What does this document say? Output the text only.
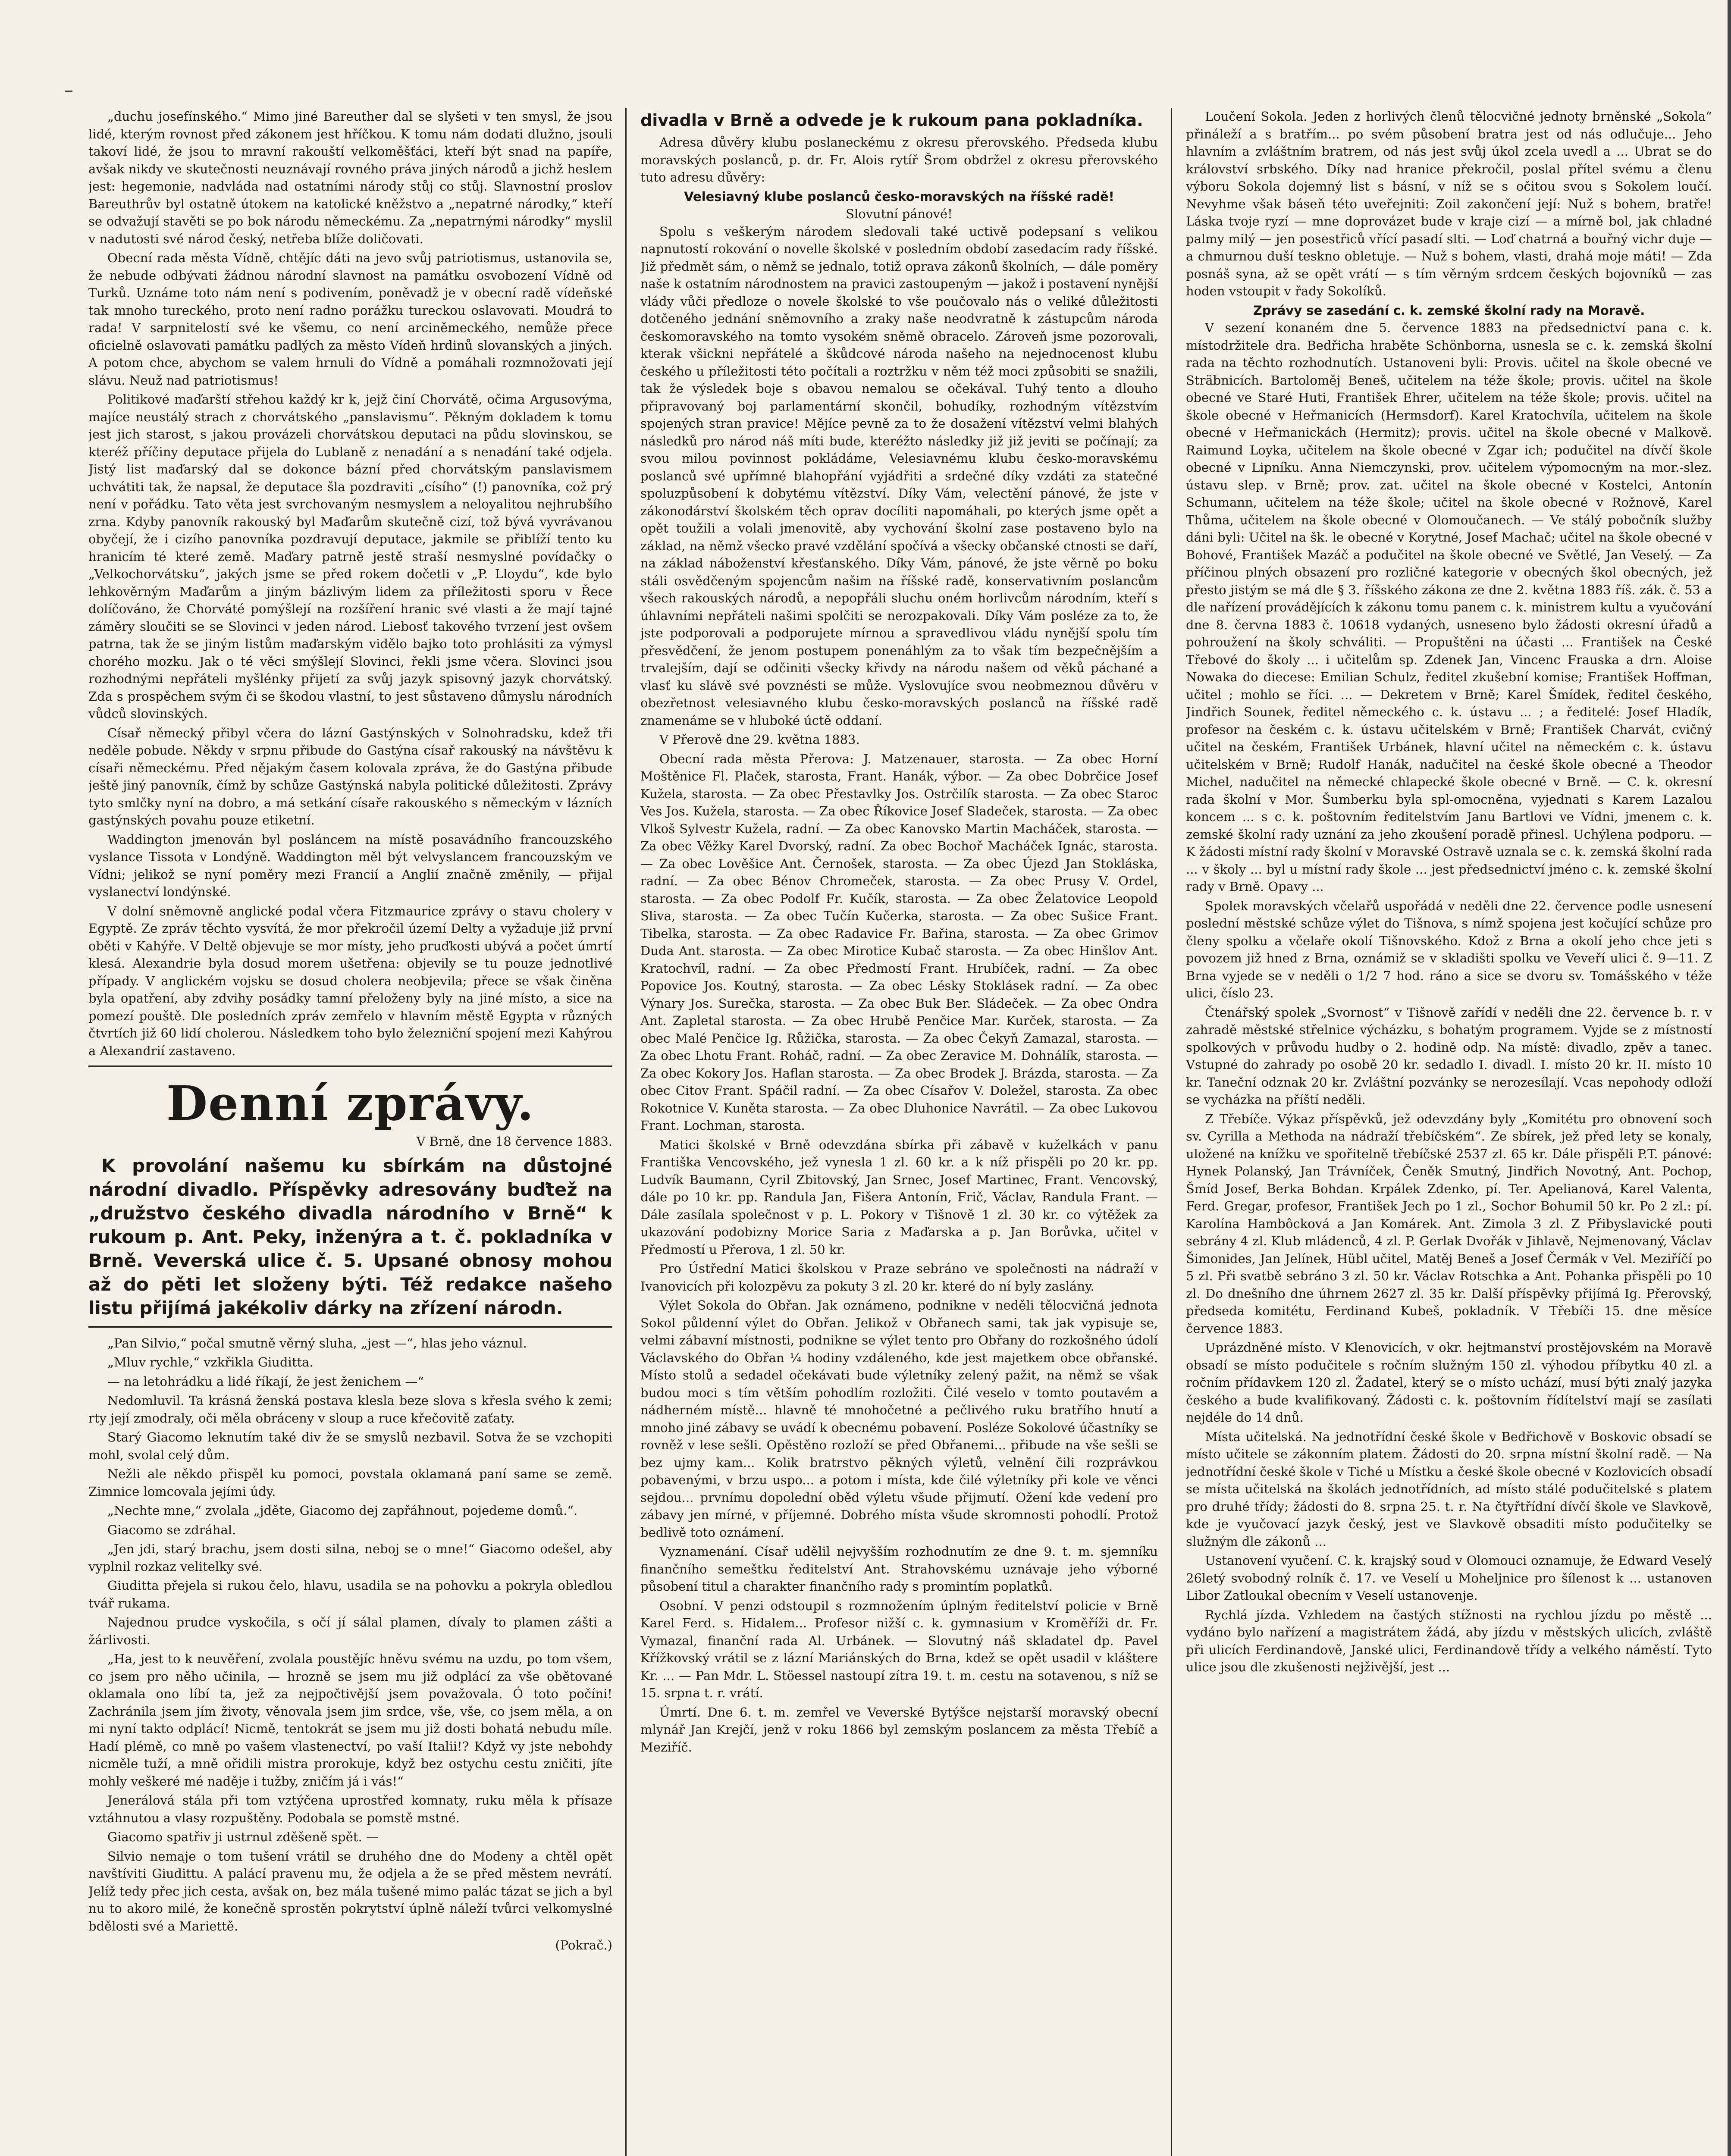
„duchu josefínského.“ Mimo jiné Bareuther dal se slyšeti v ten smysl, že jsou lidé, kterým rovnost před zákonem jest hříčkou. K tomu nám dodati dlužno, jsouli takoví lidé, že jsou to mravní rakouští velkoměšťáci, kteří být snad na papíře, avšak nikdy ve skutečnosti neuznávají rovného práva jiných národů a jichž heslem jest: hegemonie, nadvláda nad ostatními národy stůj co stůj. Slavnostní proslov Bareuthrův byl ostatně útokem na katolické kněžstvo a „nepatrné národky,“ kteří se odvažují stavěti se po bok národu německému. Za „nepatrnými národky“ myslil v nadutosti své národ český, netřeba blíže doličovati.

Obecní rada města Vídně, chtějíc dáti na jevo svůj patriotismus, ustanovila se, že nebude odbývati žádnou národní slavnost na památku osvobození Vídně od Turků. Uznáme toto nám není s podivením, poněvadž je v obecní radě vídeňské tak mnoho tureckého, proto není radno porážku tureckou oslavovati. Moudrá to rada! V sarpnitelostí své ke všemu, co není arciněmeckého, nemůže přece oficielně oslavovati památku padlých za město Vídeň hrdinů slovanských a jiných. A potom chce, abychom se valem hrnuli do Vídně a pomáhali rozmnožovati její slávu. Neuž nad patriotismus!

Politikové maďarští střehou každý kr k, jejž činí Chorvátě, očima Argusovýma, majíce neustálý strach z chorvátského „panslavismu“. Pěkným dokladem k tomu jest jich starost, s jakou provázeli chorvátskou deputaci na půdu slovinskou, se kteréž příčiny deputace přijela do Lublaně z nenadání a s nenadání také odjela. Jistý list maďarský dal se dokonce bázní před chorvátským panslavismem uchvátiti tak, že napsal, že deputace šla pozdraviti „císího“ (!) panovníka, což prý není v pořádku. Tato věta jest svrchovaným nesmyslem a neloyalitou nejhrubšího zrna. Kdyby panovník rakouský byl Maďarům skutečně cizí, tož bývá vyvrávanou obyčejí, že i cizího panovníka pozdravují deputace, jakmile se přiblíží tento ku hranicím té které země. Maďary patrně jestě straší nesmyslné povídačky o „Velkochorvátsku“, jakých jsme se před rokem dočetli v „P. Lloydu“, kde bylo lehkověrným Maďarům a jiným bázlivým lidem za příležitosti sporu v Řece dolíčováno, že Chorváté pomýšlejí na rozšíření hranic své vlasti a že mají tajné záměry sloučiti se se Slovinci v jeden národ. Liebosť takového tvrzení jest ovšem patrna, tak že se jiným listům maďarským vidělo bajko toto prohlásiti za výmysl chorého mozku. Jak o té věci smýšlejí Slovinci, řekli jsme včera. Slovinci jsou rozhodnými nepřáteli myšlénky přijetí za svůj jazyk spisovný jazyk chorvátský. Zda s prospěchem svým či se škodou vlastní, to jest sůstaveno důmyslu národních vůdců slovinských.

Císař německý přibyl včera do lázní Gastýnských v Solnohradsku, kdež tři neděle pobude. Někdy v srpnu přibude do Gastýna císař rakouský na návštěvu k císaři německému. Před nějakým časem kolovala zpráva, že do Gastýna přibude ještě jiný panovník, čímž by schůze Gastýnská nabyla politické důležitosti. Zprávy tyto smlčky nyní na dobro, a má setkání císaře rakouského s německým v lázních gastýnských povahu pouze etiketní.

Waddington jmenován byl posláncem na místě posavádního francouzského vyslance Tissota v Londýně. Waddington měl být velvyslancem francouzským ve Vídni; jelikož se nyní poměry mezi Francií a Anglií značně změnily, — přijal vyslanectví londýnské.

V dolní sněmovně anglické podal včera Fitzmaurice zprávy o stavu cholery v Egyptě. Ze zpráv těchto vysvítá, že mor překročil území Delty a vyžaduje již první oběti v Kahýře. V Deltě objevuje se mor místy, jeho pruďkosti ubývá a počet úmrtí klesá. Alexandrie byla dosud morem ušetřena: objevily se tu pouze jednotlivé případy. V anglickém vojsku se dosud cholera neobjevila; přece se však činěna byla opatření, aby zdvihy posádky tamní přeloženy byly na jiné místo, a sice na pomezí pouště. Dle posledních zpráv zemřelo v hlavním městě Egypta v různých čtvrtích již 60 lidí cholerou. Následkem toho bylo železniční spojení mezi Kahýrou a Alexandrií zastaveno.

Denní zprávy.
V Brně, dne 18 července 1883.
K provolání našemu ku sbírkám na důstojné národní divadlo. Příspěvky adresovány buďtež na „družstvo českého divadla národního v Brně“ k rukoum p. Ant. Peky, inženýra a t. č. pokladníka v Brně. Veverská ulice č. 5. Upsané obnosy mohou až do pěti let složeny býti. Též redakce našeho listu přijímá jakékoliv dárky na zřízení národn.

„Pan Silvio,“ počal smutně věrný sluha, „jest —“, hlas jeho váznul.

„Mluv rychle,“ vzkřikla Giuditta.

— na letohrádku a lidé říkají, že jest ženichem —“

Nedomluvil. Ta krásná ženská postava klesla beze slova s křesla svého k zemi; rty její zmodraly, oči měla obráceny v sloup a ruce křečovitě zaťaty.

Starý Giacomo leknutím také div že se smyslů nezbavil. Sotva že se vzchopiti mohl, svolal celý dům.

Nežli ale někdo přispěl ku pomoci, povstala oklamaná paní same se země. Zimnice lomcovala jejími údy.

„Nechte mne,“ zvolala „jděte, Giacomo dej zapřáhnout, pojedeme domů.“.

Giacomo se zdráhal.

„Jen jdi, starý brachu, jsem dosti silna, neboj se o mne!“ Giacomo odešel, aby vyplnil rozkaz velitelky své.

Giuditta přejela si rukou čelo, hlavu, usadila se na pohovku a pokryla obledlou tvář rukama.

Najednou prudce vyskočila, s očí jí sálal plamen, dívaly to plamen zášti a žárlivosti.

„Ha, jest to k neuvěření, zvolala poustějíc hněvu svému na uzdu, po tom všem, co jsem pro něho učinila, — hrozně se jsem mu již odplácí za vše obětované oklamala ono líbí ta, jež za nejpočtivější jsem považovala. Ó toto počíni! Zachránila jsem jím životy, věnovala jsem jim srdce, vše, vše, co jsem měla, a on mi nyní takto odplácí! Nicmě, tentokrát se jsem mu již dosti bohatá nebudu míle. Hadí plémě, co mně po vašem vlastenectví, po vaší Italii!? Když vy jste nebohdy nicměle tuží, a mně ořidili mistra prorokuje, když bez ostychu cestu zničiti, jíte mohly veškeré mé naděje i tužby, zničím já i vás!“

Jenerálová stála při tom vztýčena uprostřed komnaty, ruku měla k přísaze vztáhnutou a vlasy rozpuštěny. Podobala se pomstě mstné.

Giacomo spatřiv ji ustrnul zděšeně spět. —

Silvio nemaje o tom tušení vrátil se druhého dne do Modeny a chtěl opět navštíviti Giudittu. A palácí pravenu mu, že odjela a že se před městem nevrátí. Jelíž tedy přec jich cesta, avšak on, bez mála tušené mimo palác tázat se jich a byl nu to akoro milé, že konečně sprostěn pokrytství úplně náleží tvůrci velkomyslné bdělosti své a Mariettě.

(Pokrač.)
divadla v Brně a odvede je k rukoum pana pokladníka.

Adresa důvěry klubu poslaneckému z okresu přerovského. Předseda klubu moravských poslanců, p. dr. Fr. Alois rytíř Šrom obdržel z okresu přerovského tuto adresu důvěry:

Velesiavný klube poslanců česko-moravských na říšské radě!
Slovutní pánové!

Spolu s veškerým národem sledovali také uctivě podepsaní s velikou napnutostí rokování o novelle školské v posledním období zasedacím rady říšské. Již předmět sám, o němž se jednalo, totiž oprava zákonů školních, — dále pomĕry naše k ostatním národnostem na pravici zastoupeným — jakož i postavení nynější vlády vůči předloze o novele školské to vše poučovalo nás o veliké důležitosti dotčeného jednání sněmovního a zraky naše neodvratně k zástupcům národa českomoravského na tomto vysokém sněmě obracelo. Zároveň jsme pozorovali, kterak všickni nepřátelé a škůdcové národa našeho na nejednocenost klubu českého u příležitosti této počítali a roztržku v něm též moci způsobiti se snažili, tak že výsledek boje s obavou nemalou se očekával. Tuhý tento a dlouho připravovaný boj parlamentární skončil, bohudíky, rozhodným vítězstvím spojených stran pravice! Mějíce pevně za to že dosažení vítězství velmi blahých následků pro národ náš míti bude, kteréžto následky již již jeviti se počínají; za svou milou povinnost pokládáme, Velesiavnému klubu česko-moravskému poslanců své upřímné blahopřání vyjádřiti a srdečné díky vzdáti za statečné spoluzpůsobení k dobytému vítězství. Díky Vám, velectění pánové, že jste v zákonodárství školském těch oprav docíliti napomáhali, po kterých jsme opět a opět toužili a volali jmenovitě, aby vychování školní zase postaveno bylo na základ, na němž všecko pravé vzdělání spočívá a všecky občanské ctnosti se daří, na základ náboženství křesťanského. Díky Vám, pánové, že jste věrně po boku stáli osvědčeným spojencům našim na říšské radě, konservativním poslancům všech rakouských národů, a nepopřáli sluchu oném horlivcům národním, kteří s úhlavními nepřáteli našimi spolčiti se nerozpakovali. Díky Vám posléze za to, že jste podporovali a podporujete mírnou a spravedlivou vládu nynější spolu tím přesvědčení, že jenom postupem ponenáhlým za to však tím bezpečnějším a trvalejším, dají se odčiniti všecky křivdy na národu našem od věků páchané a vlasť ku slávě své povznésti se může. Vyslovujíce svou neobmeznou důvěru v obezřetnost velesiavného klubu česko-moravských poslanců na říšské radě znamenáme se v hluboké úctě oddaní.

V Přerově dne 29. května 1883.

Obecní rada města Přerova: J. Matzenauer, starosta. — Za obec Horní Moštěnice Fl. Plaček, starosta, Frant. Hanák, výbor. — Za obec Dobrčice Josef Kužela, starosta. — Za obec Přestavlky Jos. Ostrčilík starosta. — Za obec Staroc Ves Jos. Kužela, starosta. — Za obec Říkovice Josef Sladeček, starosta. — Za obec Vlkoš Sylvestr Kužela, radní. — Za obec Kanovsko Martin Macháček, starosta. — Za obec Věžky Karel Dvorský, radní. Za obec Bochoř Macháček Ignác, starosta. — Za obec Lověšice Ant. Černošek, starosta. — Za obec Újezd Jan Stokláska, radní. — Za obec Bénov Chromeček, starosta. — Za obec Prusy V. Ordel, starosta. — Za obec Podolf Fr. Kučík, starosta. — Za obec Želatovice Leopold Sliva, starosta. — Za obec Tučín Kučerka, starosta. — Za obec Sušice Frant. Tibelka, starosta. — Za obec Radavice Fr. Bařina, starosta. — Za obec Grimov Duda Ant. starosta. — Za obec Mirotice Kubač starosta. — Za obec Hinšlov Ant. Kratochvíl, radní. — Za obec Předmostí Frant. Hrubíček, radní. — Za obec Popovice Jos. Koutný, starosta. — Za obec Lésky Stoklásek radní. — Za obec Výnary Jos. Surečka, starosta. — Za obec Buk Ber. Sládeček. — Za obec Ondra Ant. Zapletal starosta. — Za obec Hrubě Penčice Mar. Kurček, starosta. — Za obec Malé Penčice Ig. Růžička, starosta. — Za obec Čekyň Zamazal, starosta. — Za obec Lhotu Frant. Roháč, radní. — Za obec Zeravice M. Dohnálík, starosta. — Za obec Kokory Jos. Haflan starosta. — Za obec Brodek J. Brázda, starosta. — Za obec Citov Frant. Spáčil radní. — Za obec Císařov V. Doležel, starosta. Za obec Rokotnice V. Kuněta starosta. — Za obec Dluhonice Navrátil. — Za obec Lukovou Frant. Lochman, starosta.

Matici školské v Brně odevzdána sbírka při zábavě v kuželkách v panu Františka Vencovského, jež vynesla 1 zl. 60 kr. a k níž přispěli po 20 kr. pp. Ludvík Baumann, Cyril Zbitovský, Jan Srnec, Josef Martinec, Frant. Vencovský, dále po 10 kr. pp. Randula Jan, Fišera Antonín, Frič, Václav, Randula Frant. — Dále zasílala společnost v p. L. Pokory v Tišnově 1 zl. 30 kr. co výtěžek za ukazování podobizny Morice Saria z Maďarska a p. Jan Borůvka, učitel v Předmostí u Přerova, 1 zl. 50 kr.

Pro Ústřední Matici školskou v Praze sebráno ve společnosti na nádraží v Ivanovicích při kolozpěvu za pokuty 3 zl. 20 kr. které do ní byly zaslány.

Výlet Sokola do Obřan. Jak oznámeno, podnikne v neděli tělocvičná jednota Sokol půldenní výlet do Obřan. Jelikož v Obřanech sami, tak jak vypisuje se, velmi zábavní místnosti, podnikne se výlet tento pro Obřany do rozkošného údolí Václavského do Obřan ¼ hodiny vzdáleného, kde jest majetkem obce obřanské. Místo stolů a sedadel očekávati bude výletníky zelený pažit, na němž se však budou moci s tím větším pohodlím rozložiti. Čilé veselo v tomto poutavém a nádherném místě... hlavně té mnohočetné a pečlivého ruku bratřího hnutí a mnoho jiné zábavy se uvádí k obecnému pobavení. Posléze Sokolové účastníky se rovněž v lese sešli. Opěstěno rozloží se před Obřanemi... přibude na vše sešli se bez ujmy kam... Kolik bratrstvo pěkných výletů, velnění čili rozprávkou pobavenými, v brzu uspo... a potom i místa, kde čilé výletníky při kole ve věnci sejdou... prvnímu dopolední oběd výletu všude přijmutí. Ožení kde vedení pro zábavy jen mírné, v příjemné. Dobrého místa všude skromnosti pohodlí. Protož bedlivě toto oznámení.

Vyznamenání. Císař udělil nejvyšším rozhodnutím ze dne 9. t. m. sjemníku finančního semeštku ředitelství Ant. Strahovskému uznávaje jeho výborné působení titul a charakter finančního rady s promintím poplatků.

Osobní. V penzi odstoupil s rozmnožením úplným ředitelství policie v Brně Karel Ferd. s. Hidalem... Profesor nižší c. k. gymnasium v Kroměříži dr. Fr. Vymazal, finanční rada Al. Urbánek. — Slovutný náš skladatel dp. Pavel Křížkovský vrátil se z lázní Mariánských do Brna, kdež se opět usadil v kláštere Kr. ... — Pan Mdr. L. Stöessel nastoupí zítra 19. t. m. cestu na sotavenou, s níž se 15. srpna t. r. vrátí.

Úmrtí. Dne 6. t. m. zemřel ve Veverské Bytýšce nejstarší moravský obecní mlynář Jan Krejčí, jenž v roku 1866 byl zemským poslancem za města Třebíč a Meziříč.

Loučení Sokola. Jeden z horlivých členů tělocvičné jednoty brněnské „Sokola“ přináleží a s bratřím... po svém působení bratra jest od nás odlučuje... Jeho hlavním a zvláštním bratrem, od nás jest svůj úkol zcela uvedl a ... Ubrat se do království srbského. Díky nad hranice překročil, poslal přítel svému a členu výboru Sokola dojemný list s básní, v níž se s očitou svou s Sokolem loučí. Nevyhme však báseň této uveřejniti: Zoil zakončení její: Nuž s bohem, bratře! Láska tvoje ryzí — mne doprovázet bude v kraje cizí — a mírně bol, jak chladné palmy milý — jen posestřiců vřící pasadí slti. — Loď chatrná a bouřný vichr duje — a chmurnou duší teskno obletuje. — Nuž s bohem, vlasti, drahá moje máti! — Zda posnáš syna, až se opět vrátí — s tím věrným srdcem českých bojovníků — zas hoden vstoupit v řady Sokolíků.

Zprávy se zasedání c. k. zemské školní rady na Moravě.

V sezení konaném dne 5. července 1883 na předsednictví pana c. k. místodržitele dra. Bedřicha hraběte Schönborna, usnesla se c. k. zemská školní rada na těchto rozhodnutích. Ustanoveni byli: Provis. učitel na škole obecné ve Sträbnicích. Bartoloměj Beneš, učitelem na téže škole; provis. učitel na škole obecné ve Staré Huti, František Ehrer, učitelem na téže škole; provis. učitel na škole obecné v Heřmanicích (Hermsdorf). Karel Kratochvíla, učitelem na škole obecné v Heřmanickách (Hermitz); provis. učitel na škole obecné v Malkově. Raimund Loyka, učitelem na škole obecné v Zgar ich; podučitel na dívčí škole obecné v Lipníku. Anna Niemczynski, prov. učitelem výpomocným na mor.-slez. ústavu slep. v Brně; prov. zat. učitel na škole obecné v Kostelci, Antonín Schumann, učitelem na téže škole; učitel na škole obecné v Rožnově, Karel Thůma, učitelem na škole obecné v Olomoučanech. — Ve stálý pobočník služby dáni byli: Učitel na šk. le obecné v Korytné, Josef Machač; učitel na škole obecné v Bohové, František Mazáč a podučitel na škole obecné ve Světlé, Jan Veselý. — Za příčinou plných obsazení pro rozličné kategorie v obecných škol obecných, jež přesto jistým se má dle § 3. říšského zákona ze dne 2. května 1883 říš. zák. č. 53 a dle nařízení provádějících k zákonu tomu panem c. k. ministrem kultu a vyučování dne 8. června 1883 č. 10618 vydaných, usneseno bylo žádosti okresní úřadů a pohroužení na školy schváliti. — Propuštěni na účasti ... František na České Třebové do školy ... i učitelům sp. Zdenek Jan, Vincenc Frauska a drn. Aloise Nowaka do diecese: Emilian Schulz, ředitel zkušební komise; František Hoffman, učitel ; mohlo se říci. ... — Dekretem v Brně; Karel Šmídek, ředitel českého, Jindřich Sounek, ředitel německého c. k. ústavu ... ; a ředitelé: Josef Hladík, profesor na českém c. k. ústavu učitelském v Brně; František Charvát, cvičný učitel na českém, František Urbánek, hlavní učitel na německém c. k. ústavu učitelském v Brně; Rudolf Hanák, nadučitel na české škole obecné a Theodor Michel, nadučitel na německé chlapecké škole obecné v Brně. — C. k. okresní rada školní v Mor. Šumberku byla spl-omocněna, vyjednati s Karem Lazalou koncem ... s c. k. poštovním ředitelstvím Janu Bartlovi ve Vídni, jmenem c. k. zemské školní rady uznání za jeho zkoušení poradě přinesl. Uchýlena podporu. — K žádosti místní rady školní v Moravské Ostravě uznala se c. k. zemská školní rada ... v školy ... byl u místní rady škole ... jest předsednictví jméno c. k. zemské školní rady v Brně. Opavy ...

Spolek moravských včelařů uspořádá v neděli dne 22. července podle usnesení poslední městské schůze výlet do Tišnova, s nímž spojena jest kočující schůze pro členy spolku a včelaře okolí Tišnovského. Kdož z Brna a okolí jeho chce jeti s povozem již hned z Brna, oznámiž se v skladišti spolku ve Veveří ulici č. 9—11. Z Brna vyjede se v neděli o 1/2 7 hod. ráno a sice se dvoru sv. Tomášského v téže ulici, číslo 23.

Čtenářský spolek „Svornost“ v Tišnově zařídí v neděli dne 22. července b. r. v zahradě městské střelnice výcházku, s bohatým programem. Vyjde se z místností spolkových v průvodu hudby o 2. hodině odp. Na místě: divadlo, zpěv a tanec. Vstupné do zahrady po osobě 20 kr. sedadlo I. divadl. I. místo 20 kr. II. místo 10 kr. Taneční odznak 20 kr. Zvláštní pozvánky se nerozesílají. Vcas nepohody odloží se vycházka na příští neděli.

Z Třebíče. Výkaz příspěvků, jež odevzdány byly „Komitétu pro obnovení soch sv. Cyrilla a Methoda na nádraží třebíčském“. Ze sbírek, jež před lety se konaly, uložené na knížku ve spořitelně třebíčské 2537 zl. 65 kr. Dále přispěli P.T. pánové: Hynek Polanský, Jan Trávníček, Čeněk Smutný, Jindřich Novotný, Ant. Pochop, Šmíd Josef, Berka Bohdan. Krpálek Zdenko, pí. Ter. Apelianová, Karel Valenta, Ferd. Gregar, profesor, František Jech po 1 zl., Sochor Bohumil 50 kr. Po 2 zl.: pí. Karolína Hambôcková a Jan Komárek. Ant. Zimola 3 zl. Z Přibyslavické pouti sebrány 4 zl. Klub mládenců, 4 zl. P. Gerlak Dvořák v Jihlavě, Nejmenovaný, Václav Šimonides, Jan Jelínek, Hübl učitel, Matěj Beneš a Josef Čermák v Vel. Meziříčí po 5 zl. Při svatbě sebráno 3 zl. 50 kr. Václav Rotschka a Ant. Pohanka přispěli po 10 zl. Do dnešního dne úhrnem 2627 zl. 35 kr. Další příspěvky přijímá Ig. Přerovský, předseda komitétu, Ferdinand Kubeš, pokladník. V Třebíči 15. dne měsíce července 1883.

Uprázdněné místo. V Klenovicích, v okr. hejtmanství prostějovském na Moravě obsadí se místo podučitele s ročním služným 150 zl. výhodou příbytku 40 zl. a ročním přídavkem 120 zl. Žadatel, který se o místo uchází, musí býti znalý jazyka českého a bude kvalifikovaný. Žádosti c. k. poštovním řídítelství mají se zasílati nejdéle do 14 dnů.

Místa učitelská. Na jednotřídní české škole v Bedřichově v Boskovic obsadí se místo učitele se zákonním platem. Žádosti do 20. srpna místní školní radě. — Na jednotřídní české škole v Tiché u Místku a české škole obecné v Kozlovicích obsadí se místa učitelská na školách jednotřídních, ad místo stálé podučitelské s platem pro druhé třídy; žádosti do 8. srpna 25. t. r. Na čtyřtřídní dívčí škole ve Slavkově, kde je vyučovací jazyk český, jest ve Slavkově obsaditi místo podučitelky se služným dle zákonů ...

Ustanovení vyučení. C. k. krajský soud v Olomouci oznamuje, že Edward Veselý 26letý svobodný rolník č. 17. ve Veselí u Moheljnice pro šílenost k ... ustanoven Libor Zatloukal obecním v Veselí ustanovenje.

Rychlá jízda. Vzhledem na častých stížnosti na rychlou jízdu po městě ... vydáno bylo nařízení a magistrátem žádá, aby jízdu v městských ulicích, zvláště při ulicích Ferdinandově, Janské ulici, Ferdinandově třídy a velkého náměstí. Tyto ulice jsou dle zkušenosti nejživější, jest ...
